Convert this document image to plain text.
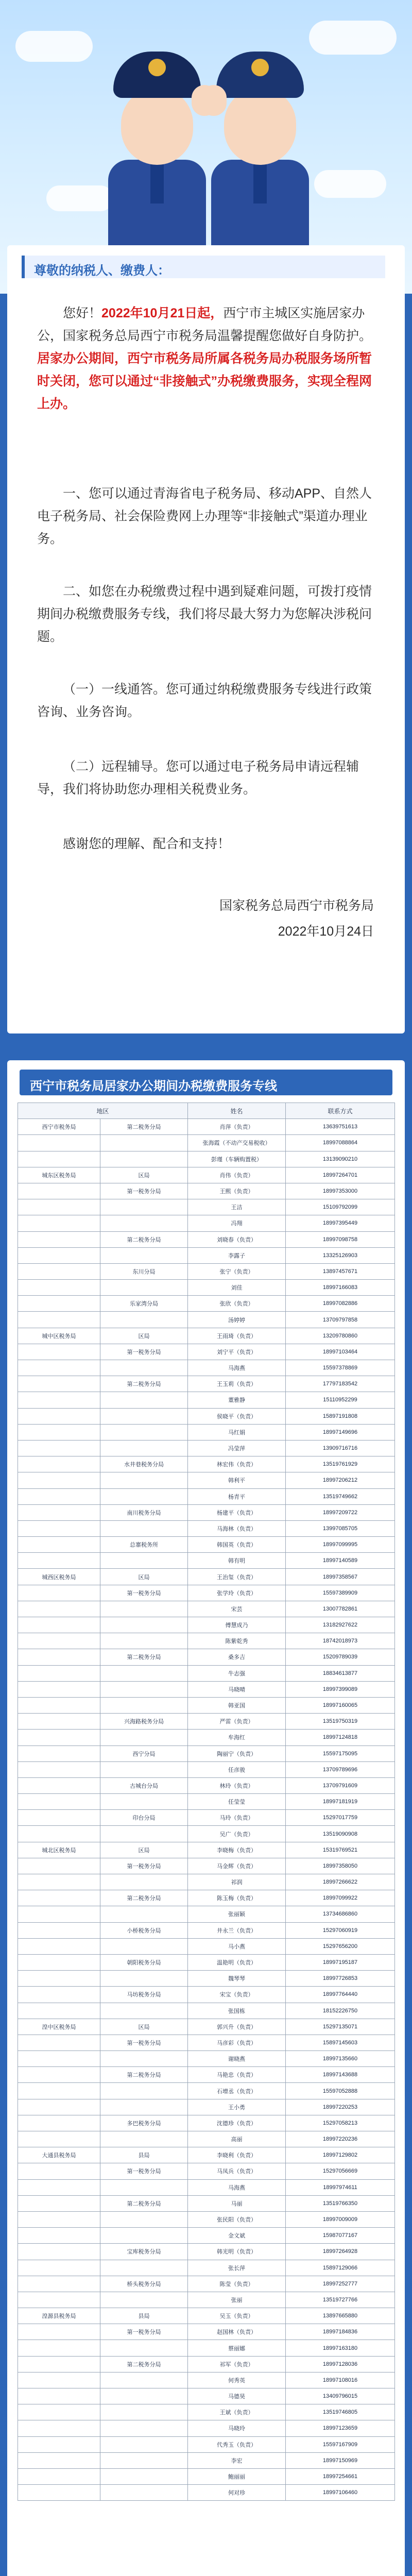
尊敬的纳税人、缴费人：
您好！2022年10月21日起，西宁市主城区实施居家办公，国家税务总局西宁市税务局温馨提醒您做好自身防护。居家办公期间，西宁市税务局所属各税务局办税服务场所暂时关闭，您可以通过“非接触式”办税缴费服务，实现全程网上办。
一、您可以通过青海省电子税务局、移动APP、自然人电子税务局、社会保险费网上办理等“非接触式”渠道办理业务。
二、如您在办税缴费过程中遇到疑难问题，可拨打疫情期间办税缴费服务专线，我们将尽最大努力为您解决涉税问题。
（一）一线通答。您可通过纳税缴费服务专线进行政策咨询、业务咨询。
（二）远程辅导。您可以通过电子税务局申请远程辅导，我们将协助您办理相关税费业务。
感谢您的理解、配合和支持！
国家税务总局西宁市税务局
2022年10月24日
西宁市税务局居家办公期间办税缴费服务专线
地区		姓名	联系方式
西宁市税务局	第二税务分局	肖萍（负责）	13639751613
		张海霞（不动产交易税收）	18997088864
		彭瑾（车辆购置税）	13139090210
城东区税务局	区局	肖伟（负责）	18997264701
	第一税务分局	王熙（负责）	18997353000
		王洁	15109792099
		冯翔	18997395449
	第二税务分局	刘晓春（负责）	18997098758
		李露子	13325126903
	东川分局	张宁（负责）	13897457671
		刘佳	18997166083
	乐家湾分局	张欣（负责）	18997082886
		汤婷婷	13709797858
城中区税务局	区局	王雨琦（负责）	13209780860
	第一税务分局	刘宁平（负责）	18997103464
		马海燕	15597378869
	第二税务分局	王玉莉（负责）	17797183542
		董雅静	15110952299
		侯晓平（负责）	15897191808
		马红娟	18997149696
		冯莹萍	13909716716
	水井巷税务分局	林宏伟（负责）	13519761929
		韩利平	18997206212
		杨青平	13519749662
	南川税务分局	杨建平（负责）	18997209722
		马海林（负责）	13997085705
	总寨税务所	韩国英（负责）	18997099995
		韩有明	18997140589
城西区税务局	区局	王治玺（负责）	18997358567
	第一税务分局	张学玲（负责）	15597389909
		宋芸	13007782861
		傅慧成乃	13182927622
		陈紫乾秀	18742018973
	第二税务分局	桑多吉	15209789039
		牛志强	18834613877
		马晓晴	18997399089
		韩亚国	18997160065
	兴海路税务分局	严雷（负责）	13519750319
		牟海红	18997124818
	西宁分局	陶丽宁（负责）	15597175095
		任彦骏	13709789696
	古城台分局	林玲（负责）	13709791609
		任莹莹	18997181919
	印台分局	马玲（负责）	15297017759
		吴广（负责）	13519090908
城北区税务局	区局	李晓梅（负责）	15319769521
	第一税务分局	马金辉（负责）	18997358050
		祁润	18997266622
	第二税务分局	陈玉梅（负责）	18997099922
		张丽颖	13734686860
	小桥税务分局	井永兰（负责）	15297060919
		马小燕	15297656200
	朝阳税务分局	温艳明（负责）	18997195187
		魏琴琴	18997726853
	马坊税务分局	宋宝（负责）	18997764440
		张国栋	18152226750
湟中区税务局	区局	郭兴升（负责）	15297135071
	第一税务分局	马彦彩（负责）	15897145603
		谢晓燕	18997135660
	第二税务分局	马艳忠（负责）	18997143688
		石增丞（负责）	15597052888
		王小勇	18997220253
	多巴税务分局	沈德珍（负责）	15297058213
		高丽	18997220236
大通县税务局	县局	李晓利（负责）	18997129802
	第一税务分局	马凤兵（负责）	15297056669
		马海燕	18997974611
	第二税务分局	马丽	13519766350
		张民阳（负责）	18997009009
		金文斌	15987077167
	宝库税务分局	韩光明（负责）	18997264928
		张长萍	15897129066
	桥头税务分局	陈莹（负责）	18997252777
		张丽	13519727766
湟源县税务局	县局	吴玉（负责）	13897665880
	第一税务分局	赵国林（负责）	18997184836
		蔡丽娜	18997163180
	第二税务分局	祁军（负责）	18997128036
		何秀英	18997108016
		马德昊	13409796015
		王斌（负责）	13519746805
		马晓玲	18997123659
		代秀玉（负责）	15597167909
		李宏	18997150969
		鲍丽丽	18997254661
		何对珍	18997106460
